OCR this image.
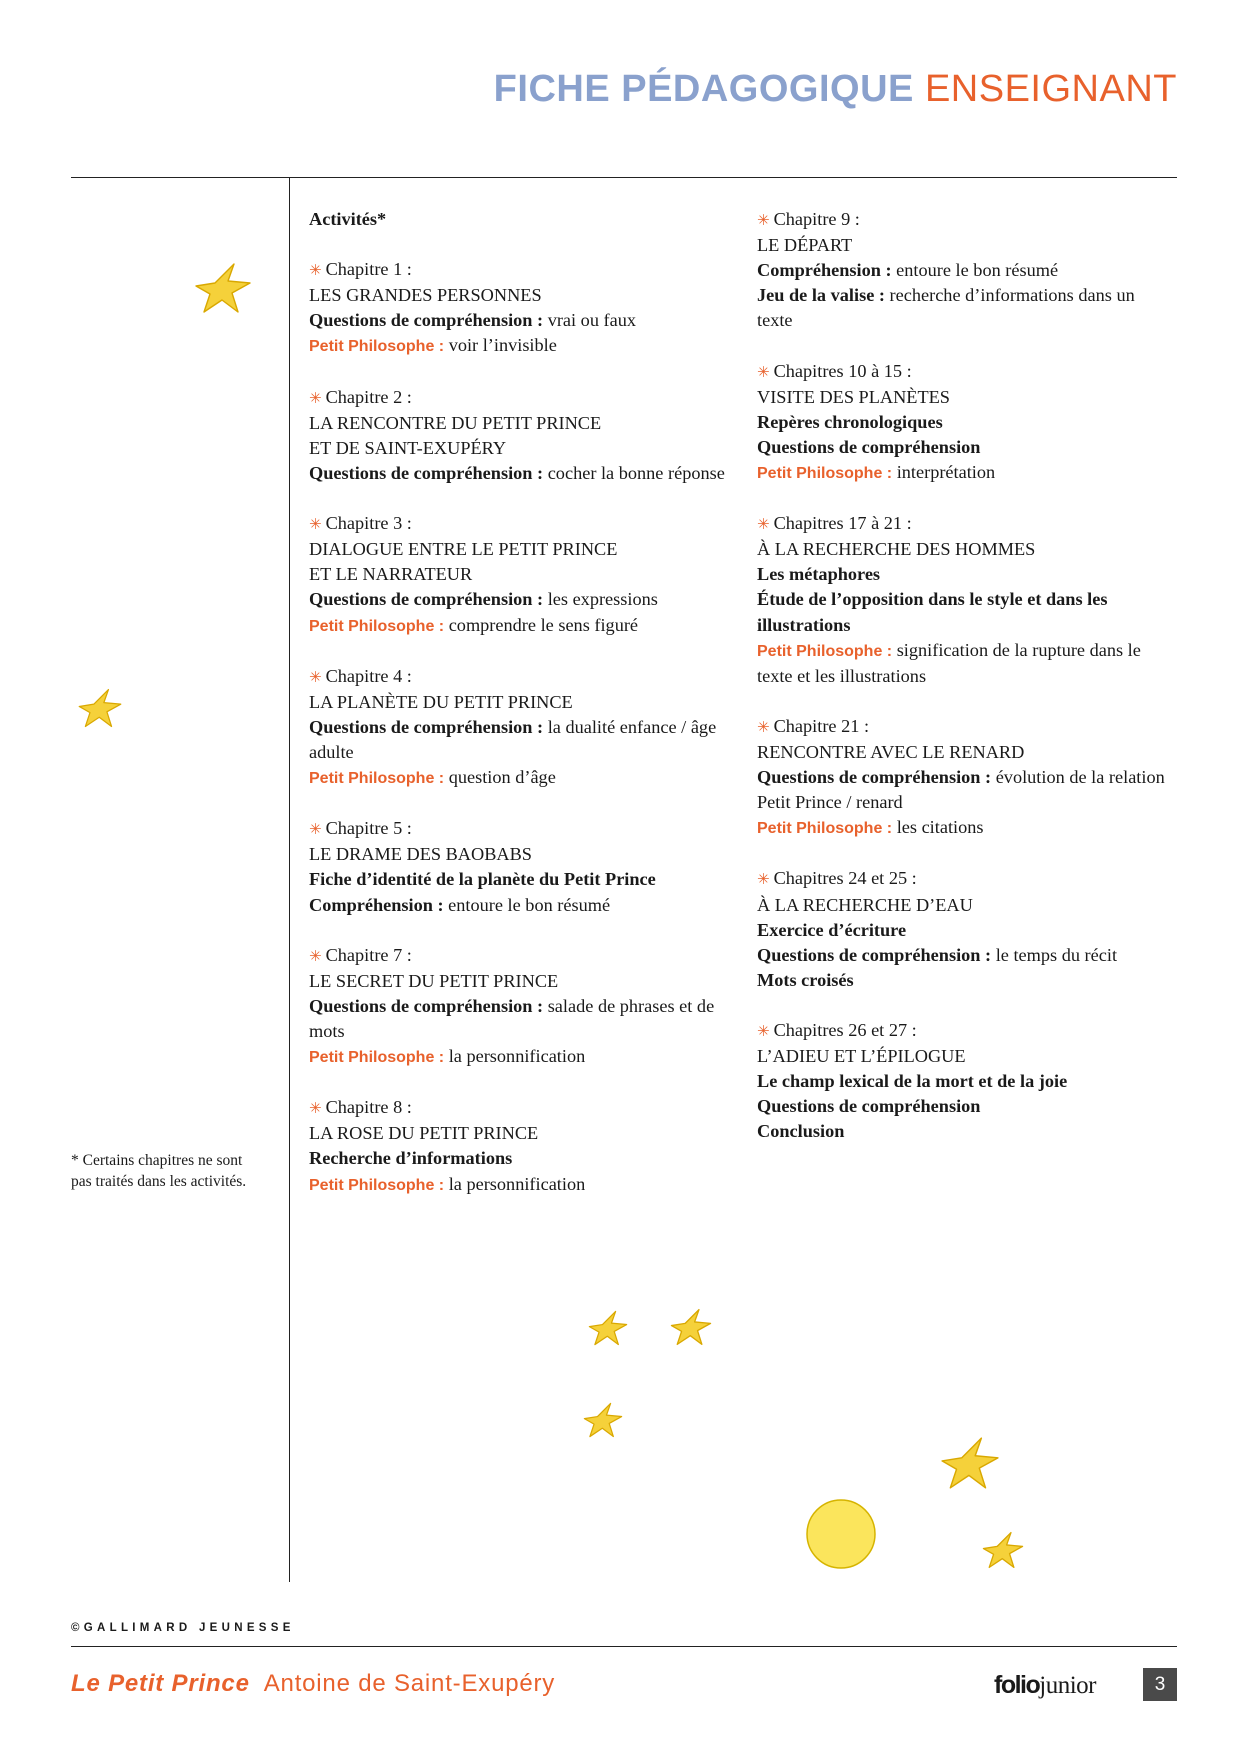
FICHE PÉDAGOGIQUE ENSEIGNANT
Activités*
✳ Chapitre 1 :
LES GRANDES PERSONNES
Questions de compréhension : vrai ou faux
Petit Philosophe : voir l’invisible
✳ Chapitre 2 :
LA RENCONTRE DU PETIT PRINCE
ET DE SAINT-EXUPÉRY
Questions de compréhension : cocher la bonne réponse
✳ Chapitre 3 :
DIALOGUE ENTRE LE PETIT PRINCE
ET LE NARRATEUR
Questions de compréhension : les expressions
Petit Philosophe : comprendre le sens figuré
✳ Chapitre 4 :
LA PLANÈTE DU PETIT PRINCE
Questions de compréhension : la dualité enfance / âge adulte
Petit Philosophe : question d’âge
✳ Chapitre 5 :
LE DRAME DES BAOBABS
Fiche d’identité de la planète du Petit Prince
Compréhension : entoure le bon résumé
✳ Chapitre 7 :
LE SECRET DU PETIT PRINCE
Questions de compréhension : salade de phrases et de mots
Petit Philosophe : la personnification
✳ Chapitre 8 :
LA ROSE DU PETIT PRINCE
Recherche d’informations
Petit Philosophe : la personnification
✳ Chapitre 9 :
LE DÉPART
Compréhension : entoure le bon résumé
Jeu de la valise : recherche d’informations dans un texte
✳ Chapitres 10 à 15 :
VISITE DES PLANÈTES
Repères chronologiques
Questions de compréhension
Petit Philosophe : interprétation
✳ Chapitres 17 à 21 :
À LA RECHERCHE DES HOMMES
Les métaphores
Étude de l’opposition dans le style et dans les illustrations
Petit Philosophe : signification de la rupture dans le texte et les illustrations
✳ Chapitre 21 :
RENCONTRE AVEC LE RENARD
Questions de compréhension : évolution de la relation Petit Prince / renard
Petit Philosophe : les citations
✳ Chapitres 24 et 25 :
À LA RECHERCHE D’EAU
Exercice d’écriture
Questions de compréhension : le temps du récit
Mots croisés
✳ Chapitres 26 et 27 :
L’ADIEU ET L’ÉPILOGUE
Le champ lexical de la mort et de la joie
Questions de compréhension
Conclusion
* Certains chapitres ne sont pas traités dans les activités.
©GALLIMARD JEUNESSE
Le Petit Prince Antoine de Saint-Exupéry	foliojunior	3
